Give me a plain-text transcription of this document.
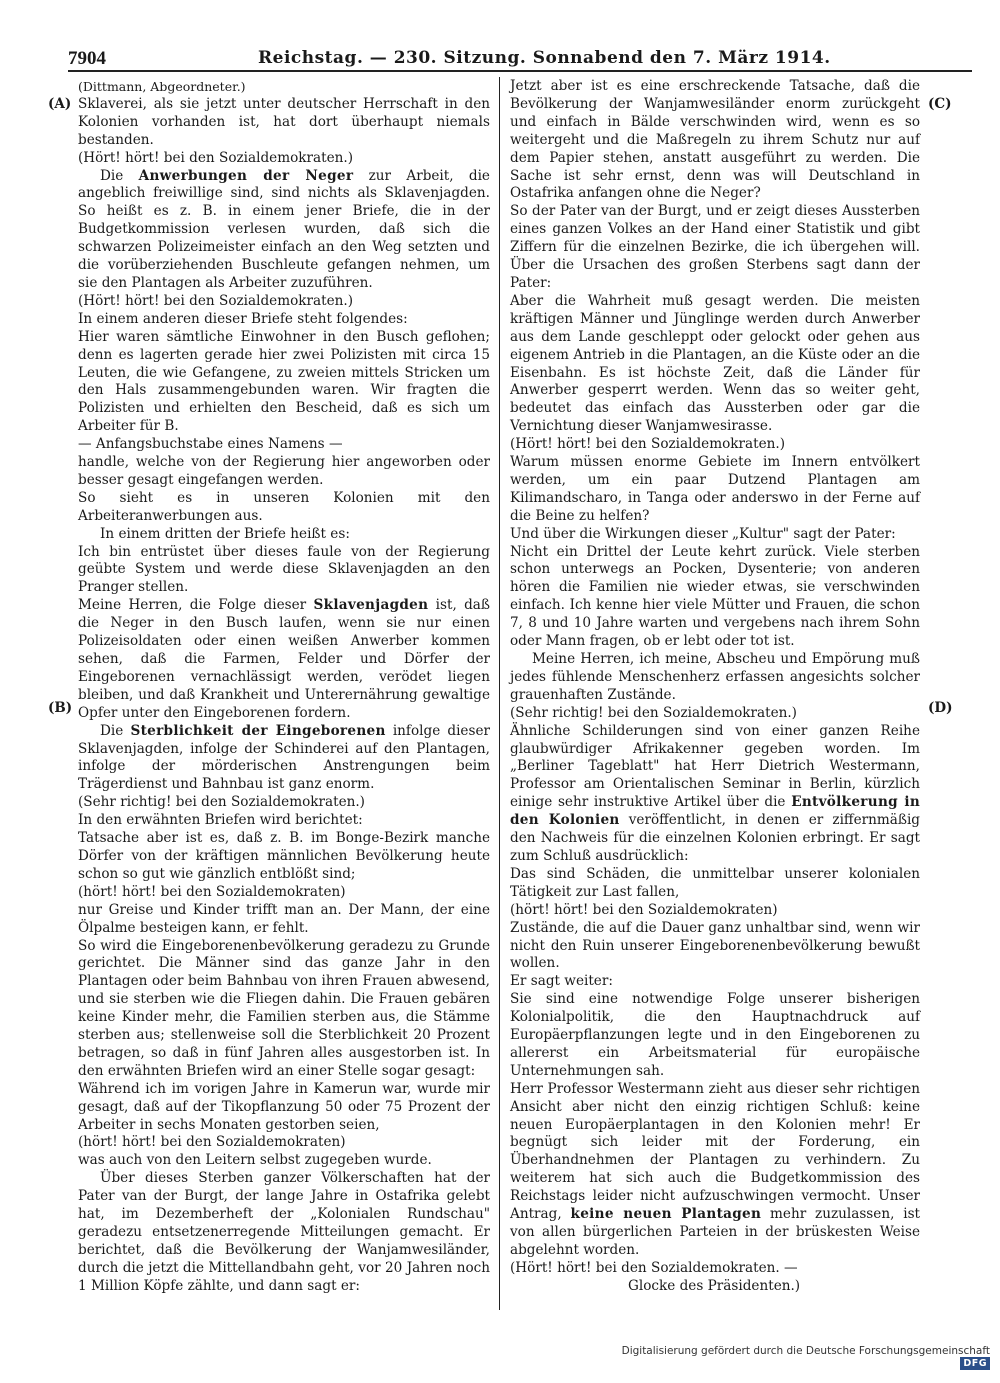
7904	Reichstag. — 230. Sitzung. Sonnabend den 7. März 1914.
(A)
(B)
(C)
(D)

(Dittmann, Abgeordneter.)

Sklaverei, als sie jetzt unter deutscher Herrschaft in den Kolonien vorhanden ist, hat dort überhaupt niemals bestanden.

(Hört! hört! bei den Sozialdemokraten.)

Die Anwerbungen der Neger zur Arbeit, die angeblich freiwillige sind, sind nichts als Sklavenjagden. So heißt es z. B. in einem jener Briefe, die in der Budgetkommission verlesen wurden, daß sich die schwarzen Polizeimeister einfach an den Weg setzten und die vorüberziehenden Buschleute gefangen nehmen, um sie den Plantagen als Arbeiter zuzuführen.

(Hört! hört! bei den Sozialdemokraten.)

In einem anderen dieser Briefe steht folgendes:

Hier waren sämtliche Einwohner in den Busch geflohen; denn es lagerten gerade hier zwei Polizisten mit circa 15 Leuten, die wie Gefangene, zu zweien mittels Stricken um den Hals zusammengebunden waren. Wir fragten die Polizisten und erhielten den Bescheid, daß es sich um Arbeiter für B.

— Anfangsbuchstabe eines Namens —

handle, welche von der Regierung hier angeworben oder besser gesagt eingefangen werden.

So sieht es in unseren Kolonien mit den Arbeiteranwerbungen aus.

In einem dritten der Briefe heißt es:

Ich bin entrüstet über dieses faule von der Regierung geübte System und werde diese Sklavenjagden an den Pranger stellen.

Meine Herren, die Folge dieser Sklavenjagden ist, daß die Neger in den Busch laufen, wenn sie nur einen Polizeisoldaten oder einen weißen Anwerber kommen sehen, daß die Farmen, Felder und Dörfer der Eingeborenen vernachlässigt werden, verödet liegen bleiben, und daß Krankheit und Unterernährung gewaltige Opfer unter den Eingeborenen fordern.

Die Sterblichkeit der Eingeborenen infolge dieser Sklavenjagden, infolge der Schinderei auf den Plantagen, infolge der mörderischen Anstrengungen beim Trägerdienst und Bahnbau ist ganz enorm.

(Sehr richtig! bei den Sozialdemokraten.)

In den erwähnten Briefen wird berichtet:

Tatsache aber ist es, daß z. B. im Bonge-Bezirk manche Dörfer von der kräftigen männlichen Bevölkerung heute schon so gut wie gänzlich entblößt sind;

(hört! hört! bei den Sozialdemokraten)

nur Greise und Kinder trifft man an. Der Mann, der eine Ölpalme besteigen kann, er fehlt.

So wird die Eingeborenenbevölkerung geradezu zu Grunde gerichtet. Die Männer sind das ganze Jahr in den Plantagen oder beim Bahnbau von ihren Frauen abwesend, und sie sterben wie die Fliegen dahin. Die Frauen gebären keine Kinder mehr, die Familien sterben aus, die Stämme sterben aus; stellenweise soll die Sterblichkeit 20 Prozent betragen, so daß in fünf Jahren alles ausgestorben ist. In den erwähnten Briefen wird an einer Stelle sogar gesagt:

Während ich im vorigen Jahre in Kamerun war, wurde mir gesagt, daß auf der Tikopflanzung 50 oder 75 Prozent der Arbeiter in sechs Monaten gestorben seien,

(hört! hört! bei den Sozialdemokraten)

was auch von den Leitern selbst zugegeben wurde.

Über dieses Sterben ganzer Völkerschaften hat der Pater van der Burgt, der lange Jahre in Ostafrika gelebt hat, im Dezemberheft der „Kolonialen Rundschau" geradezu entsetzenerregende Mitteilungen gemacht. Er berichtet, daß die Bevölkerung der Wanjamwesiländer, durch die jetzt die Mittellandbahn geht, vor 20 Jahren noch 1 Million Köpfe zählte, und dann sagt er:

Jetzt aber ist es eine erschreckende Tatsache, daß die Bevölkerung der Wanjamwesiländer enorm zurückgeht und einfach in Bälde verschwinden wird, wenn es so weitergeht und die Maßregeln zu ihrem Schutz nur auf dem Papier stehen, anstatt ausgeführt zu werden. Die Sache ist sehr ernst, denn was will Deutschland in Ostafrika anfangen ohne die Neger?

So der Pater van der Burgt, und er zeigt dieses Aussterben eines ganzen Volkes an der Hand einer Statistik und gibt Ziffern für die einzelnen Bezirke, die ich übergehen will. Über die Ursachen des großen Sterbens sagt dann der Pater:

Aber die Wahrheit muß gesagt werden. Die meisten kräftigen Männer und Jünglinge werden durch Anwerber aus dem Lande geschleppt oder gelockt oder gehen aus eigenem Antrieb in die Plantagen, an die Küste oder an die Eisenbahn. Es ist höchste Zeit, daß die Länder für Anwerber gesperrt werden. Wenn das so weiter geht, bedeutet das einfach das Aussterben oder gar die Vernichtung dieser Wanjamwesirasse.

(Hört! hört! bei den Sozialdemokraten.)

Warum müssen enorme Gebiete im Innern entvölkert werden, um ein paar Dutzend Plantagen am Kilimandscharo, in Tanga oder anderswo in der Ferne auf die Beine zu helfen?

Und über die Wirkungen dieser „Kultur" sagt der Pater:

Nicht ein Drittel der Leute kehrt zurück. Viele sterben schon unterwegs an Pocken, Dysenterie; von anderen hören die Familien nie wieder etwas, sie verschwinden einfach. Ich kenne hier viele Mütter und Frauen, die schon 7, 8 und 10 Jahre warten und vergebens nach ihrem Sohn oder Mann fragen, ob er lebt oder tot ist.

Meine Herren, ich meine, Abscheu und Empörung muß jedes fühlende Menschenherz erfassen angesichts solcher grauenhaften Zustände.

(Sehr richtig! bei den Sozialdemokraten.)

Ähnliche Schilderungen sind von einer ganzen Reihe glaubwürdiger Afrikakenner gegeben worden. Im „Berliner Tageblatt" hat Herr Dietrich Westermann, Professor am Orientalischen Seminar in Berlin, kürzlich einige sehr instruktive Artikel über die Entvölkerung in den Kolonien veröffentlicht, in denen er ziffernmäßig den Nachweis für die einzelnen Kolonien erbringt. Er sagt zum Schluß ausdrücklich:

Das sind Schäden, die unmittelbar unserer kolonialen Tätigkeit zur Last fallen,

(hört! hört! bei den Sozialdemokraten)

Zustände, die auf die Dauer ganz unhaltbar sind, wenn wir nicht den Ruin unserer Eingeborenenbevölkerung bewußt wollen.

Er sagt weiter:

Sie sind eine notwendige Folge unserer bisherigen Kolonialpolitik, die den Hauptnachdruck auf Europäerpflanzungen legte und in den Eingeborenen zu allererst ein Arbeitsmaterial für europäische Unternehmungen sah.

Herr Professor Westermann zieht aus dieser sehr richtigen Ansicht aber nicht den einzig richtigen Schluß: keine neuen Europäerplantagen in den Kolonien mehr! Er begnügt sich leider mit der Forderung, ein Überhandnehmen der Plantagen zu verhindern. Zu weiterem hat sich auch die Budgetkommission des Reichstags leider nicht aufzuschwingen vermocht. Unser Antrag, keine neuen Plantagen mehr zuzulassen, ist von allen bürgerlichen Parteien in der brüskesten Weise abgelehnt worden.

(Hört! hört! bei den Sozialdemokraten. —

Glocke des Präsidenten.)

Digitalisierung gefördert durch die Deutsche Forschungsgemeinschaft DFG
